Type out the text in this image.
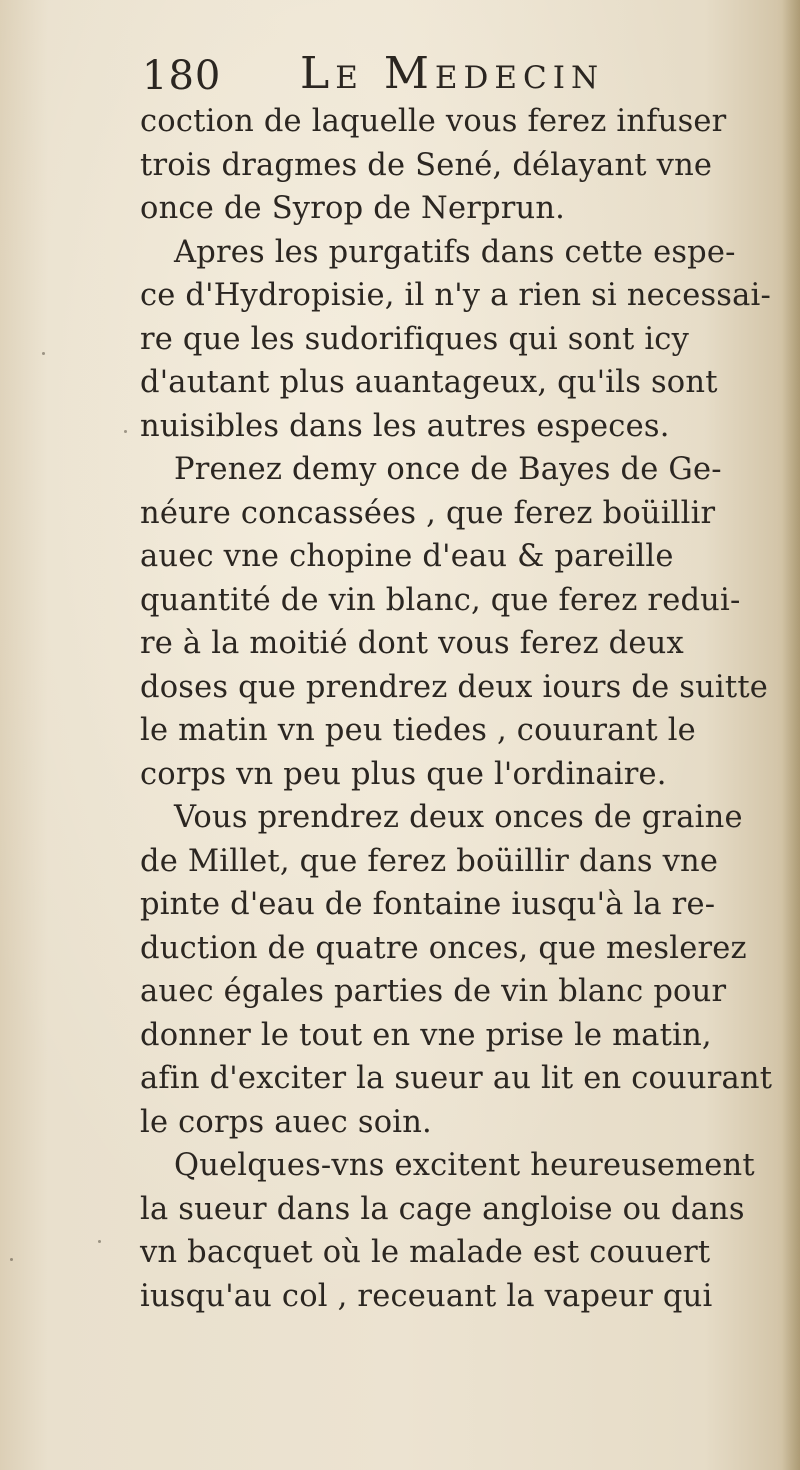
180 Le Medecin
coction de laquelle vous ferez infuser
trois dragmes de Sené, délayant vne
once de Syrop de Nerprun.
Apres les purgatifs dans cette espe-
ce d'Hydropisie, il n'y a rien si necessai-
re que les sudorifiques qui sont icy
d'autant plus auantageux, qu'ils sont
nuisibles dans les autres especes.
Prenez demy once de Bayes de Ge-
néure concassées , que ferez boüillir
auec vne chopine d'eau & pareille
quantité de vin blanc, que ferez redui-
re à la moitié dont vous ferez deux
doses que prendrez deux iours de suitte
le matin vn peu tiedes , couurant le
corps vn peu plus que l'ordinaire.
Vous prendrez deux onces de graine
de Millet, que ferez boüillir dans vne
pinte d'eau de fontaine iusqu'à la re-
duction de quatre onces, que meslerez
auec égales parties de vin blanc pour
donner le tout en vne prise le matin,
afin d'exciter la sueur au lit en couurant
le corps auec soin.
Quelques-vns excitent heureusement
la sueur dans la cage angloise ou dans
vn bacquet où le malade est couuert
iusqu'au col , receuant la vapeur qui
